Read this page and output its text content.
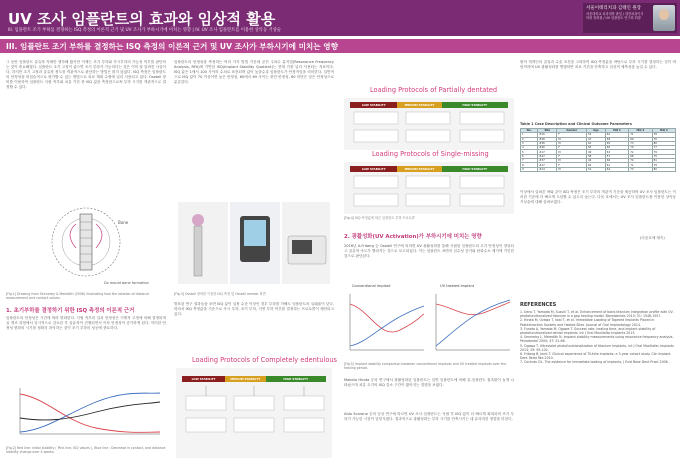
UV 조사 임플란트의 효과와 임상적 활용
III. 임플란트 조기 부하를 결정하는 ISQ 측정의 이론적 근거 및 UV 조사가 부하시기에 미치는 영향 | IV. UV 조사 임플란트를 이용한 상악동 거상술
서울이태리치과 김태인 원장
서울대학교 치과대학 졸업 / 대한치과이식학회 정회원 / UV 임플란트 연구회 회장
III. 임플란트 조기 부하를 결정하는 ISQ 측정의 이론적 근거 및 UV 조사가 부하시기에 미치는 영향
그 동안 임플란트 골유착 자체만 생각해 왔지만 이제는 조기 부하와 즉시부하의 가능성 여부를 판단하는 것이 중요해졌다. 임플란트 초기 고정이 좋으면 조기 부하가 가능하다는 것은 이미 잘 알려진 사실이다. 하지만 초기 고정과 골유착 정도를 객관적으로 판단하는 방법은 많지 않았다. ISQ 측정은 임플란트의 안정성을 비침습적으로 평가할 수 있는 방법으로 치료 계획 수립에 널리 사용되고 있다. Osstell 장비를 이용하여 임플란트 식립 직후와 치유 기간 중 ISQ 값을 측정함으로써 부하 시기를 객관적으로 결정할 수 있다.
Bone
Dx mould bone formation
[Fig.1] Drawing from Sennerby & Meredith (2008) illustrating how the rotation of distance measurement and contact values.
1. 초기부하를 결정하기 위한 ISQ 측정의 이론적 근거
임플란트의 안정성은 시간에 따라 변화한다. 식립 직후의 일차 안정성은 기계적 고정에 의해 결정되며 골 개조 과정에서 일시적으로 감소한 후 골유착이 진행되면서 이차 안정성이 증가하게 된다. 이러한 안정성 변화의 시기를 정확히 파악하는 것이 조기 부하의 성공에 중요하다.
[Fig.2] Red line: initial stability ( Pink line, ISQ values ), Blue line : Decrease in contact, and distance stability change over 4 weeks.
임플란트의 안정성을 측정하는 여러 가지 방법 가운데 공진 주파수 분석법(Resonance Frequency Analysis, RFA)에 기반한 ISQ(Implant Stability Quotient)는 현재 가장 널리 사용되는 지표이다. ISQ 값은 1에서 100 사이의 수치로 표현되며 값이 높을수록 임플란트가 안정적임을 의미한다. 일반적으로 ISQ 값이 70 이상이면 높은 안정성, 60에서 69 사이는 중간 안정성, 60 미만은 낮은 안정성으로 분류한다.
[Fig.3] Osstell 장비를 이용한 ISQ 측정 및 Osstell mentor 화면
발표된 연구 결과들을 보면 ISQ 값이 일정 수준 이상인 경우 부하를 가해도 임플란트의 실패율이 낮다. 따라서 ISQ 측정값을 기준으로 즉시 부하, 조기 부하, 지연 부하 여부를 결정하는 프로토콜이 제안되고 있다.
Loading Protocols of Completely edentulous
LOW STABILITY	MEDIUM STABILITY	HIGH STABILITY
Loading Protocols of Partially dentated
LOW STABILITY	MEDIUM STABILITY	HIGH STABILITY
Loading Protocols of Single-missing
LOW STABILITY	MEDIUM STABILITY	HIGH STABILITY
[Fig.4] ISQ 측정값에 따른 임플란트 부하 프로토콜
2. 광활성화(UV Activation)가 부하시기에 미치는 영향
2016년 A.Friberg 등 Osstell 연구에 의하면 UV 광활성화를 통해 식립된 임플란트의 초기 안정성이 향상되고 골유착 속도가 빨라지는 것으로 보고되었다. 이는 임플란트 표면의 친수성 증가와 탄화수소 제거에 기인한 것으로 판단된다.
Conventional implant	UV treated implant
[Fig.5] Implant stability comparison between conventional implants and UV treated implants over the healing period.
Makoto Hirota 등의 연구에서 광활성화된 임플란트는 일반 임플란트에 비해 골-임플란트 접촉률이 높게 나타났으며 치유 초기의 ISQ 감소 구간이 짧아지는 경향을 보였다.
Aldo Scarano 등의 임상 연구에 따르면 UV 조사 임플란트는 식립 후 ISQ 값이 더 빠르게 회복되어 조기 부하가 가능한 시점이 앞당겨졌다. 결과적으로 광활성화는 부하 시기를 단축시키는 데 유의미한 영향을 미친다.
환자 개개인의 골질과 수술 조건을 고려하여 ISQ 측정값을 바탕으로 부하 시기를 결정하는 것이 바람직하며 UV 광활성화를 병행하면 치료 기간을 단축하고 임상적 예측성을 높일 수 있다.
Table 1 Case Description and Clinical Outcome Parameters
No.	Site	Gender	Age	ISQ 1	ISQ 2	ISQ 3
1	#16	F	52	62	71	78
2	#26	M	47	58	69	76
3	#36	M	61	65	73	80
4	#46	F	55	60	70	77
5	#17	M	49	63	72	79
6	#27	F	58	57	68	75
7	#37	M	44	66	74	81
8	#47	F	63	61	71	78
9	#14	M	51	64	73	80
이상에서 살펴본 바와 같이 ISQ 측정은 조기 부하의 객관적 기준을 제공하며 UV 조사 임플란트는 이러한 기준에 더 빠르게 도달할 수 있도록 돕는다. 다음 호에서는 UV 조사 임플란트를 이용한 상악동 거상술에 대해 살펴보겠다.
(다음호에 계속)
REFERENCES
1. Ueno T, Yamada M, Suzuki T, et al. Enhancement of bone-titanium integration profile with UV-photofunctionalized titanium in a gap healing model. Biomaterials 2010; 31: 1546-1557.
2. Hirota M, Ozawa T, Iwai T, et al. Immediate Loading of Tapered Implants Placed in Postextraction Sockets and Healed Sites. Journal of Oral Implantology 2014.
3. Funato A, Yamada M, Ogawa T. Success rate, healing time, and implant stability of photofunctionalized dental implants. Int J Oral Maxillofac Implants 2013.
4. Sennerby L, Meredith N. Implant stability measurements using resonance frequency analysis. Periodontol 2000; 47: 51-66.
5. Ogawa T. Ultraviolet photofunctionalization of titanium implants. Int J Oral Maxillofac Implants 2014; 29: 95-102.
6. Friberg B, Jemt T. Clinical experience of TiUnite implants: a 3-year cohort study. Clin Implant Dent Relat Res 2010.
7. Cochran DL. The evidence for immediate loading of implants. J Evid Base Dent Pract 2006.
